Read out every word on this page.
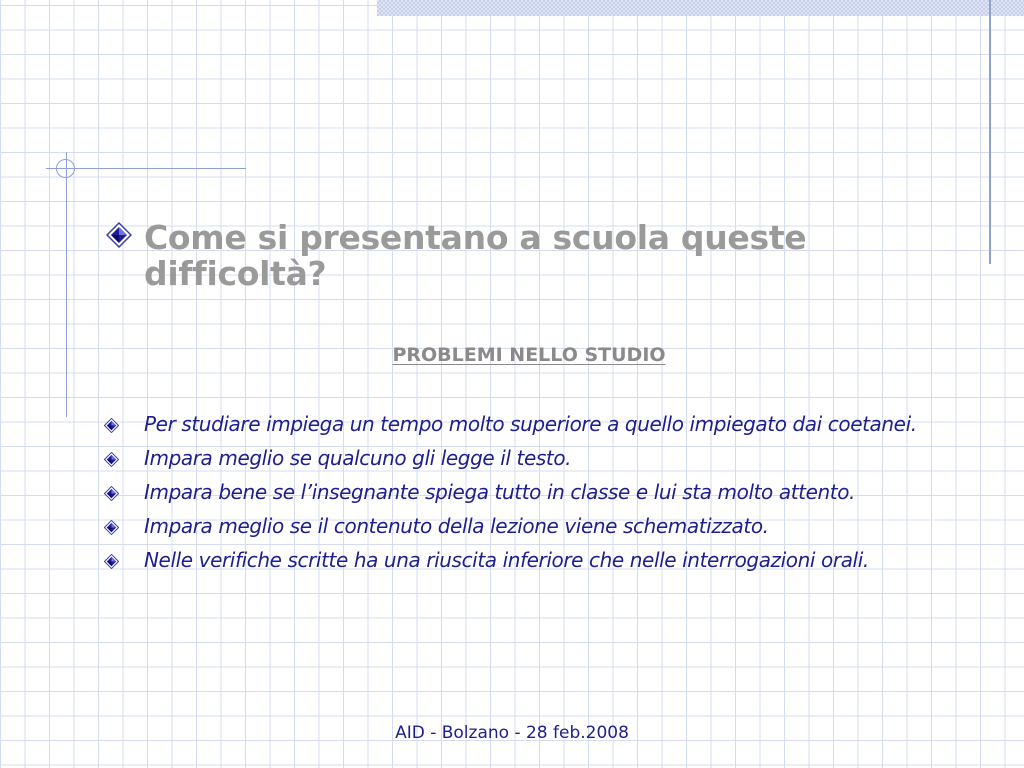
Come si presentano a scuola queste difficoltà?
PROBLEMI NELLO STUDIO
Per studiare impiega un tempo molto superiore a quello impiegato dai coetanei.
Impara meglio se qualcuno gli legge il testo.
Impara bene se l’insegnante spiega tutto in classe e lui sta molto attento.
Impara meglio se il contenuto della lezione viene schematizzato.
Nelle verifiche scritte ha una riuscita inferiore che nelle interrogazioni orali.
AID - Bolzano - 28 feb.2008
